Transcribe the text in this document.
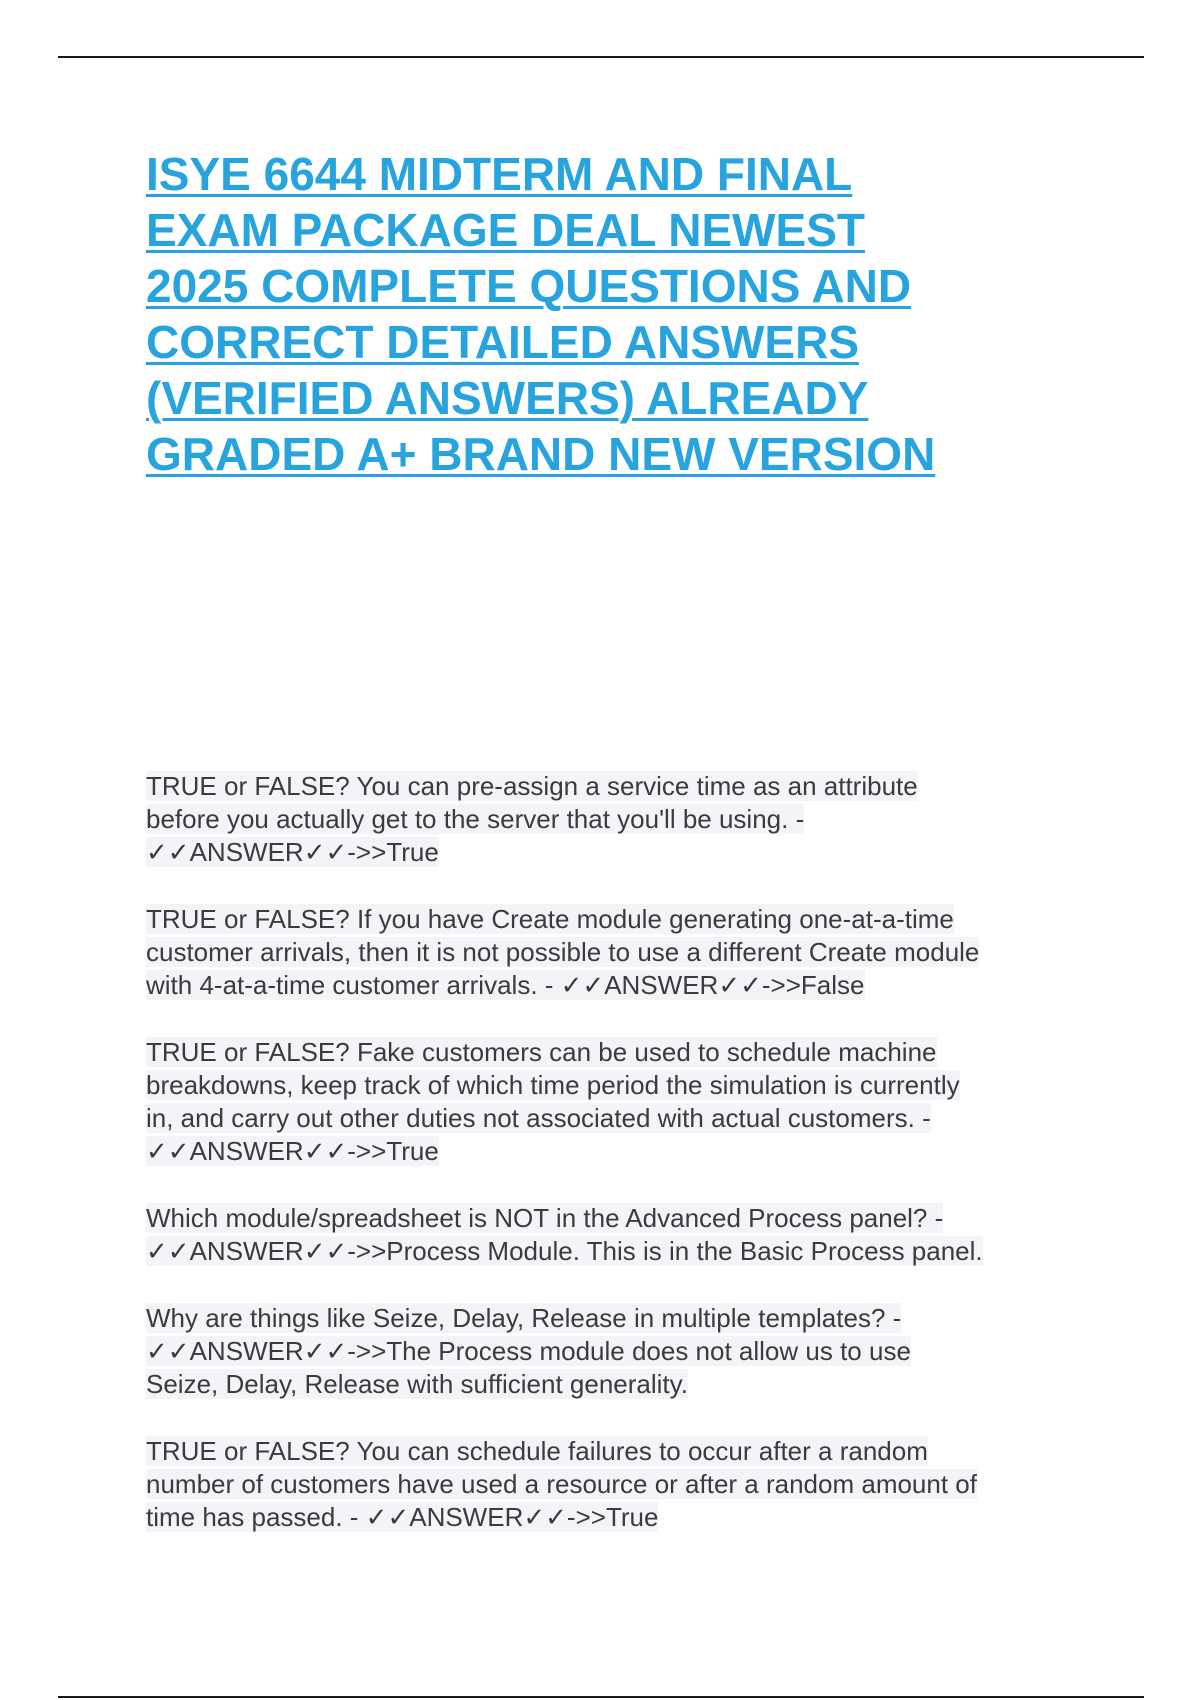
ISYE 6644 MIDTERM AND FINAL
EXAM PACKAGE DEAL NEWEST
2025 COMPLETE QUESTIONS AND
CORRECT DETAILED ANSWERS
(VERIFIED ANSWERS) ALREADY
GRADED A+ BRAND NEW VERSION

TRUE or FALSE? You can pre-assign a service time as an attribute
before you actually get to the server that you'll be using. -
✓✓ANSWER✓✓->>True

TRUE or FALSE? If you have Create module generating one-at-a-time
customer arrivals, then it is not possible to use a different Create module
with 4-at-a-time customer arrivals. - ✓✓ANSWER✓✓->>False

TRUE or FALSE? Fake customers can be used to schedule machine
breakdowns, keep track of which time period the simulation is currently
in, and carry out other duties not associated with actual customers. -
✓✓ANSWER✓✓->>True

Which module/spreadsheet is NOT in the Advanced Process panel? -
✓✓ANSWER✓✓->>Process Module. This is in the Basic Process panel.

Why are things like Seize, Delay, Release in multiple templates? -
✓✓ANSWER✓✓->>The Process module does not allow us to use
Seize, Delay, Release with sufficient generality.

TRUE or FALSE? You can schedule failures to occur after a random
number of customers have used a resource or after a random amount of
time has passed. - ✓✓ANSWER✓✓->>True
